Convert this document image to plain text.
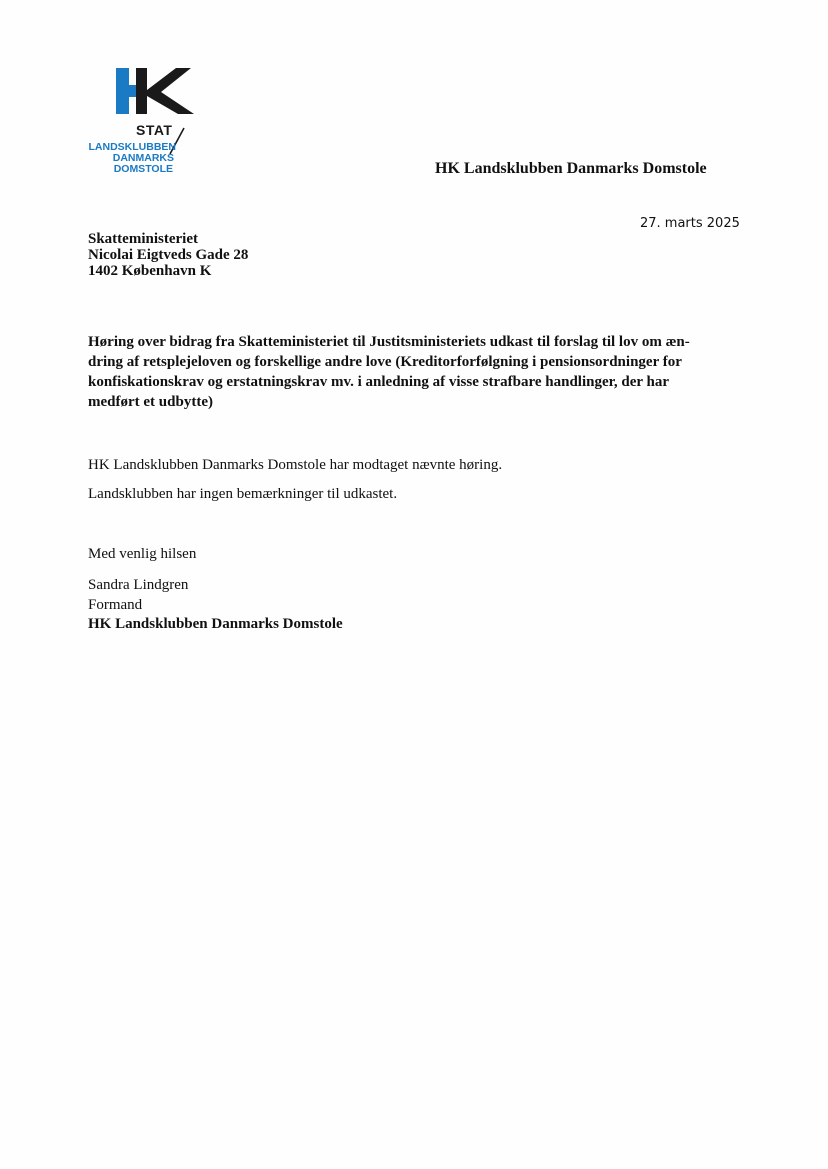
STAT
LANDSKLUBBEN
DANMARKS
DOMSTOLE	HK Landsklubben Danmarks Domstole
27. marts 2025
Skatteministeriet
Nicolai Eigtveds Gade 28
1402 København K
Høring over bidrag fra Skatteministeriet til Justitsministeriets udkast til forslag til lov om æn-
dring af retsplejeloven og forskellige andre love (Kreditorforfølgning i pensionsordninger for
konfiskationskrav og erstatningskrav mv. i anledning af visse strafbare handlinger, der har
medført et udbytte)
HK Landsklubben Danmarks Domstole har modtaget nævnte høring.
Landsklubben har ingen bemærkninger til udkastet.
Med venlig hilsen
Sandra Lindgren
Formand
HK Landsklubben Danmarks Domstole
